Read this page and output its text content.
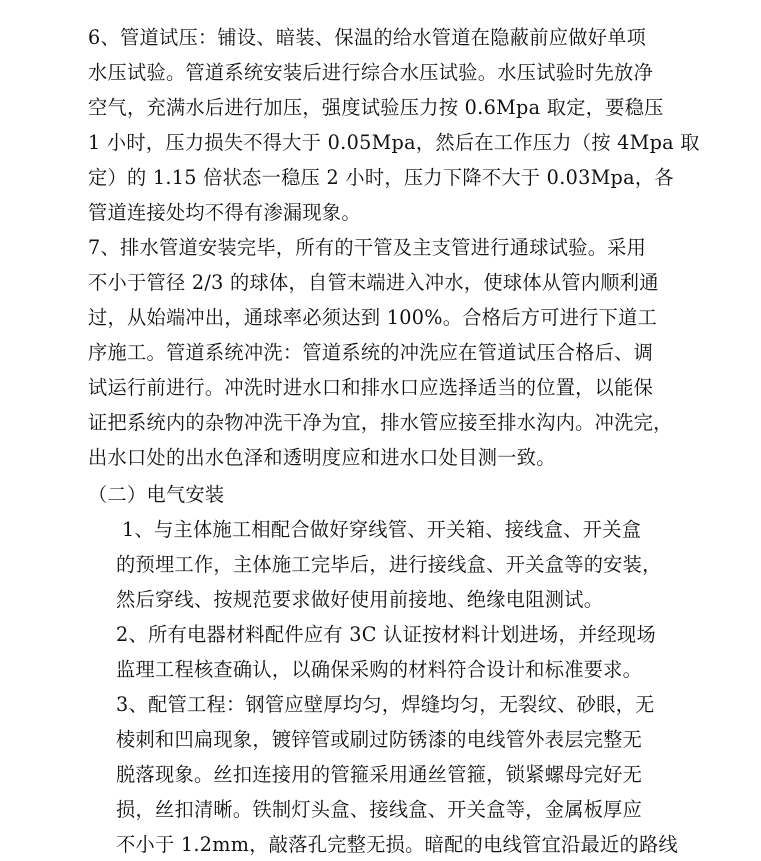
6、管道试压：铺设、暗装、保温的给水管道在隐蔽前应做好单项
水压试验。管道系统安装后进行综合水压试验。水压试验时先放净
空气，充满水后进行加压，强度试验压力按 0.6Mpa 取定，要稳压
1 小时，压力损失不得大于 0.05Mpa，然后在工作压力（按 4Mpa 取
定）的 1.15 倍状态一稳压 2 小时，压力下降不大于 0.03Mpa，各
管道连接处均不得有渗漏现象。
7、排水管道安装完毕，所有的干管及主支管进行通球试验。采用
不小于管径 2/3 的球体，自管末端进入冲水，使球体从管内顺利通
过，从始端冲出，通球率必须达到 100%。合格后方可进行下道工
序施工。管道系统冲洗：管道系统的冲洗应在管道试压合格后、调
试运行前进行。冲洗时进水口和排水口应选择适当的位置，以能保
证把系统内的杂物冲洗干净为宜，排水管应接至排水沟内。冲洗完，
出水口处的出水色泽和透明度应和进水口处目测一致。
（二）电气安装
1、与主体施工相配合做好穿线管、开关箱、接线盒、开关盒
的预埋工作，主体施工完毕后，进行接线盒、开关盒等的安装，
然后穿线、按规范要求做好使用前接地、绝缘电阻测试。
2、所有电器材料配件应有 3C 认证按材料计划进场，并经现场
监理工程核查确认，以确保采购的材料符合设计和标准要求。
3、配管工程：钢管应壁厚均匀，焊缝均匀，无裂纹、砂眼，无
棱刺和凹扁现象，镀锌管或刷过防锈漆的电线管外表层完整无
脱落现象。丝扣连接用的管箍采用通丝管箍，锁紧螺母完好无
损，丝扣清晰。铁制灯头盒、接线盒、开关盒等，金属板厚应
不小于 1.2mm，敲落孔完整无损。暗配的电线管宜沿最近的路线
